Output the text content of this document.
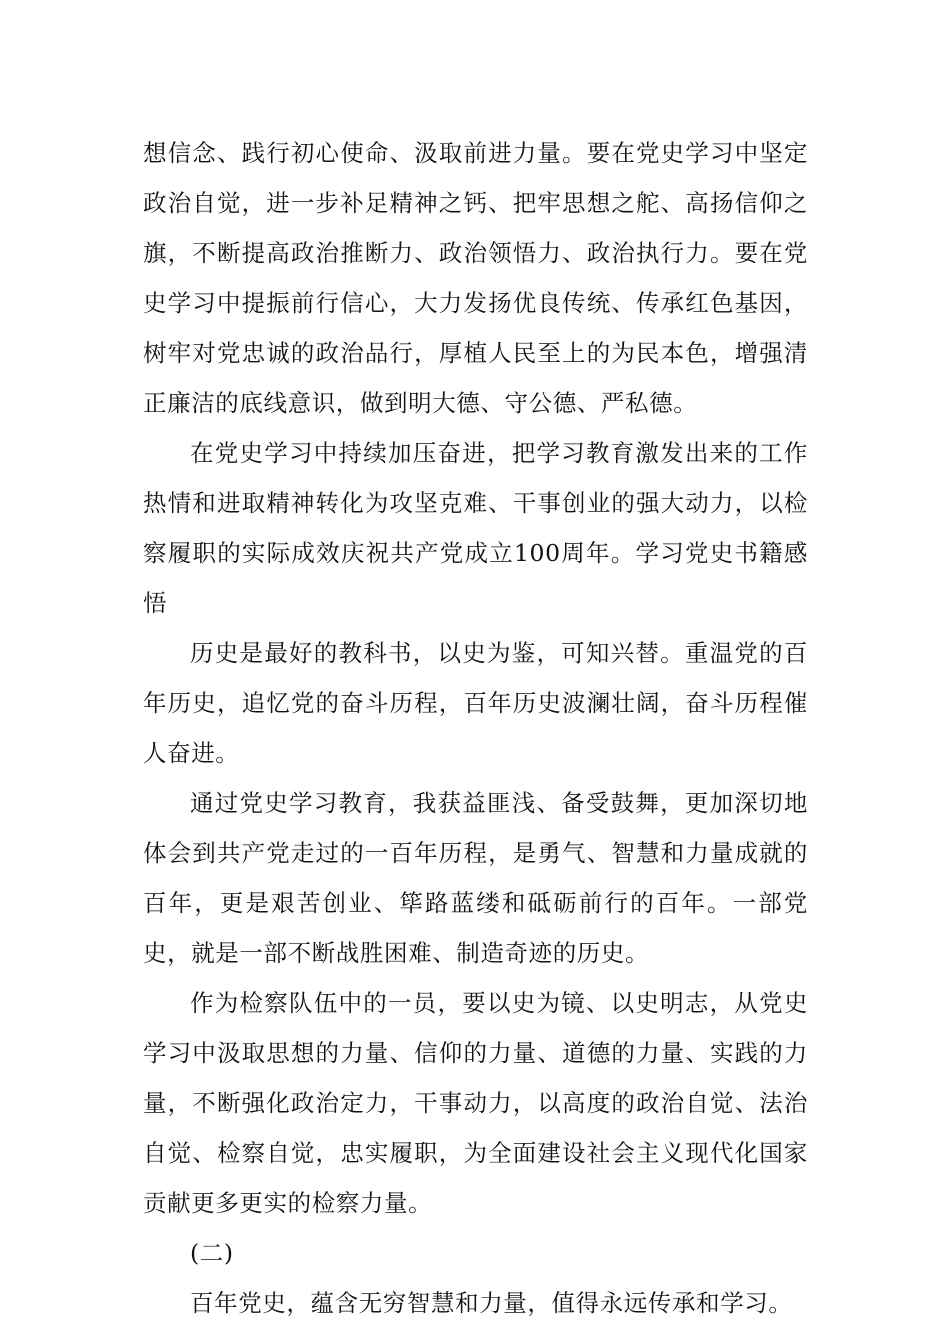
想信念、践行初心使命、汲取前进力量。要在党史学习中坚定政治自觉，进一步补足精神之钙、把牢思想之舵、高扬信仰之旗，不断提高政治推断力、政治领悟力、政治执行力。要在党史学习中提振前行信心，大力发扬优良传统、传承红色基因，树牢对党忠诚的政治品行，厚植人民至上的为民本色，增强清正廉洁的底线意识，做到明大德、守公德、严私德。

在党史学习中持续加压奋进，把学习教育激发出来的工作热情和进取精神转化为攻坚克难、干事创业的强大动力，以检察履职的实际成效庆祝共产党成立100周年。学习党史书籍感悟

历史是最好的教科书，以史为鉴，可知兴替。重温党的百年历史，追忆党的奋斗历程，百年历史波澜壮阔，奋斗历程催人奋进。

通过党史学习教育，我获益匪浅、备受鼓舞，更加深切地体会到共产党走过的一百年历程，是勇气、智慧和力量成就的百年，更是艰苦创业、筚路蓝缕和砥砺前行的百年。一部党史，就是一部不断战胜困难、制造奇迹的历史。

作为检察队伍中的一员，要以史为镜、以史明志，从党史学习中汲取思想的力量、信仰的力量、道德的力量、实践的力量，不断强化政治定力，干事动力，以高度的政治自觉、法治自觉、检察自觉，忠实履职，为全面建设社会主义现代化国家贡献更多更实的检察力量。

(二)

百年党史，蕴含无穷智慧和力量，值得永远传承和学习。
